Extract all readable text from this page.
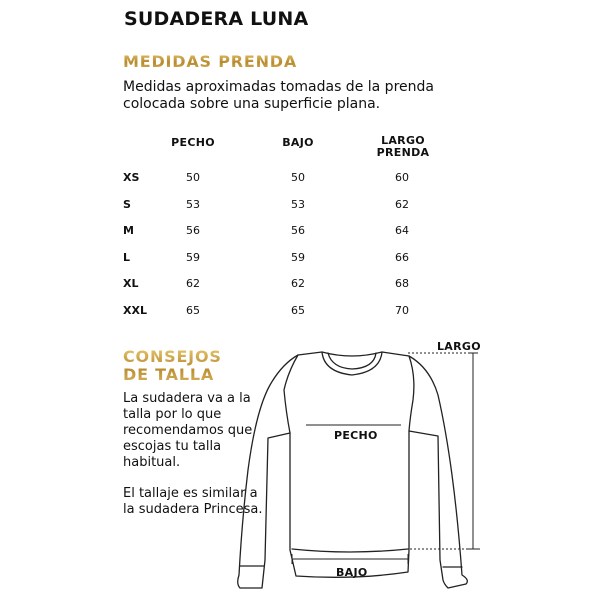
SUDADERA LUNA
MEDIDAS PRENDA
Medidas aproximadas tomadas de la prenda colocada sobre una superficie plana.
PECHO	BAJO	LARGO PRENDA
XS	50	50	60
S	53	53	62
M	56	56	64
L	59	59	66
XL	62	62	68
XXL	65	65	70
CONSEJOS
DE TALLA
La sudadera va a la talla por lo que recomendamos que escojas tu talla habitual.
El tallaje es similar a la sudadera Princesa.
LARGO
PECHO
BAJO
